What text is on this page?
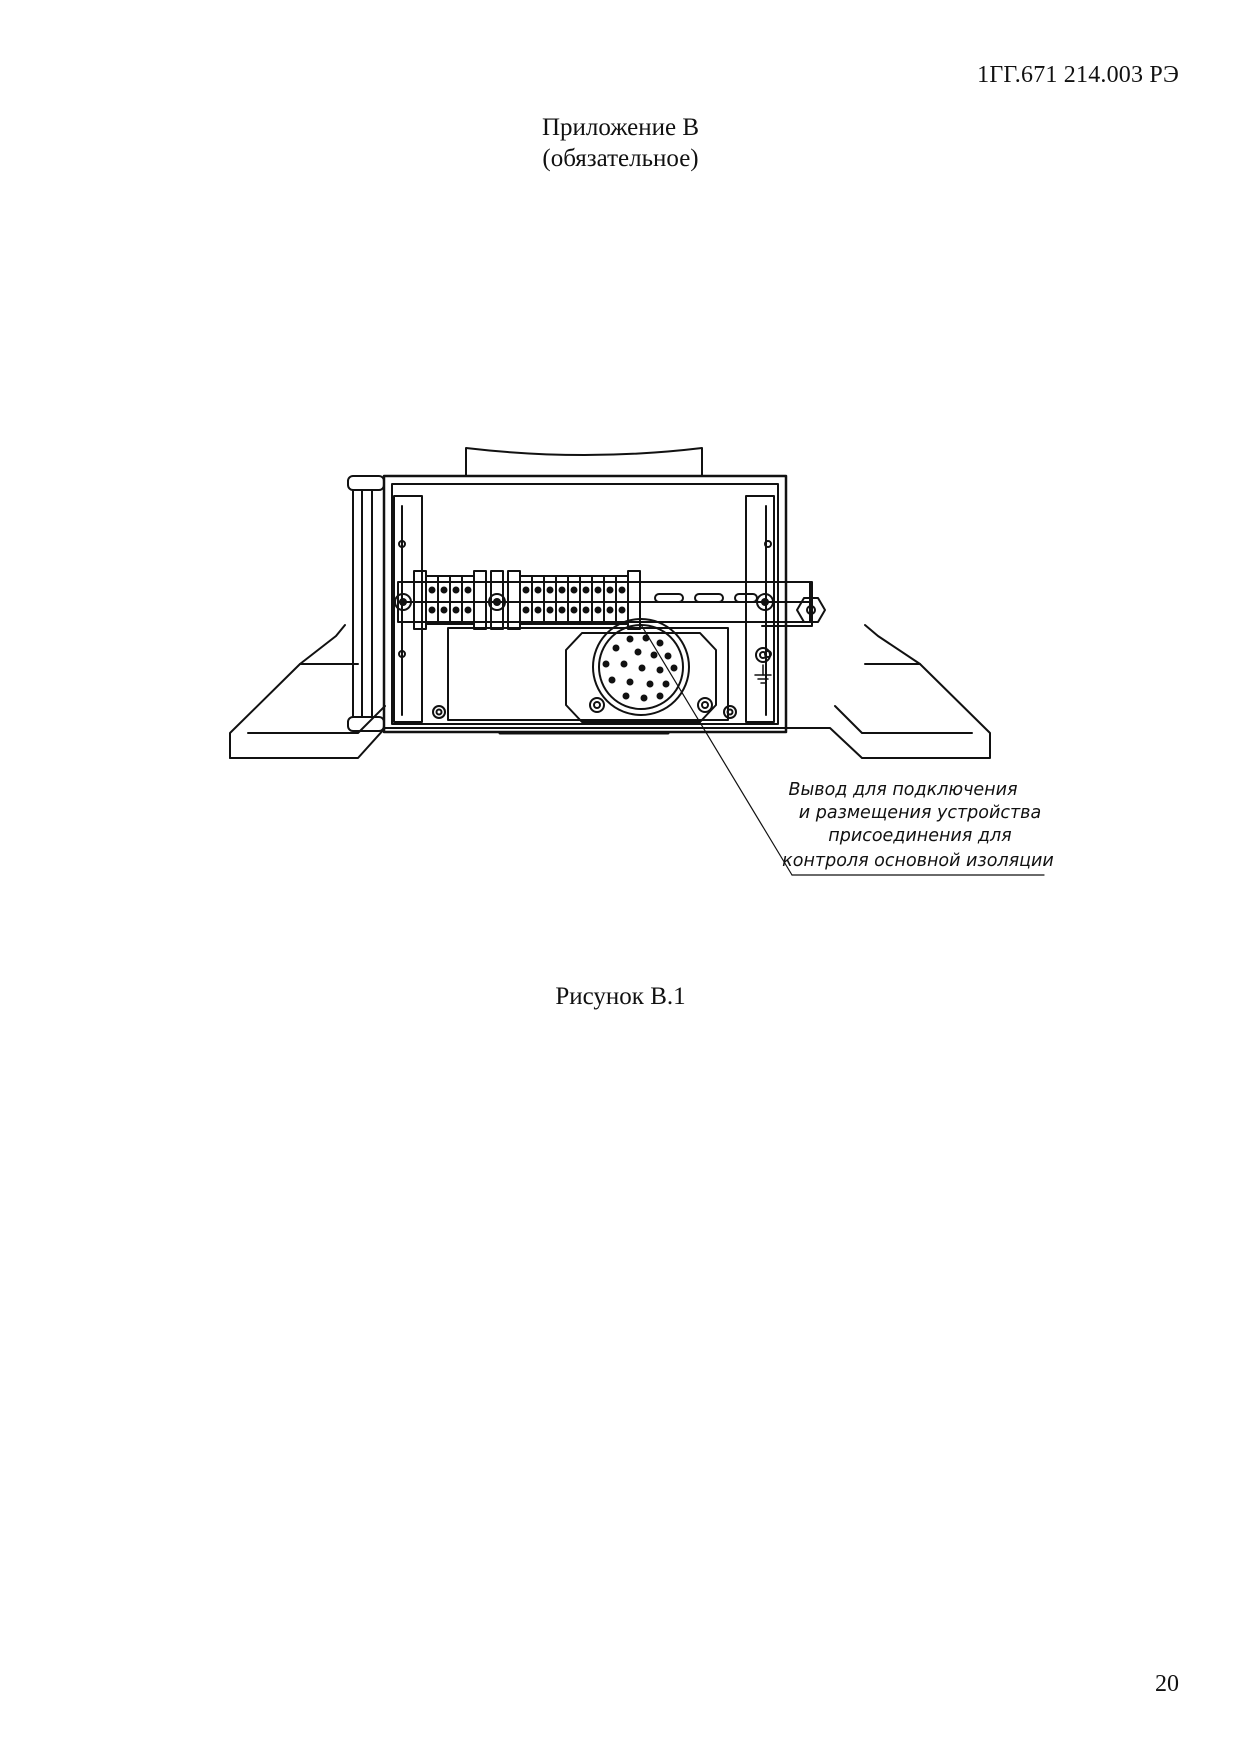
1ГГ.671 214.003 РЭ
Приложение В
(обязательное)
Вывод для подключения
и размещения устройства
присоединения для
контроля основной изоляции
Рисунок В.1
20
